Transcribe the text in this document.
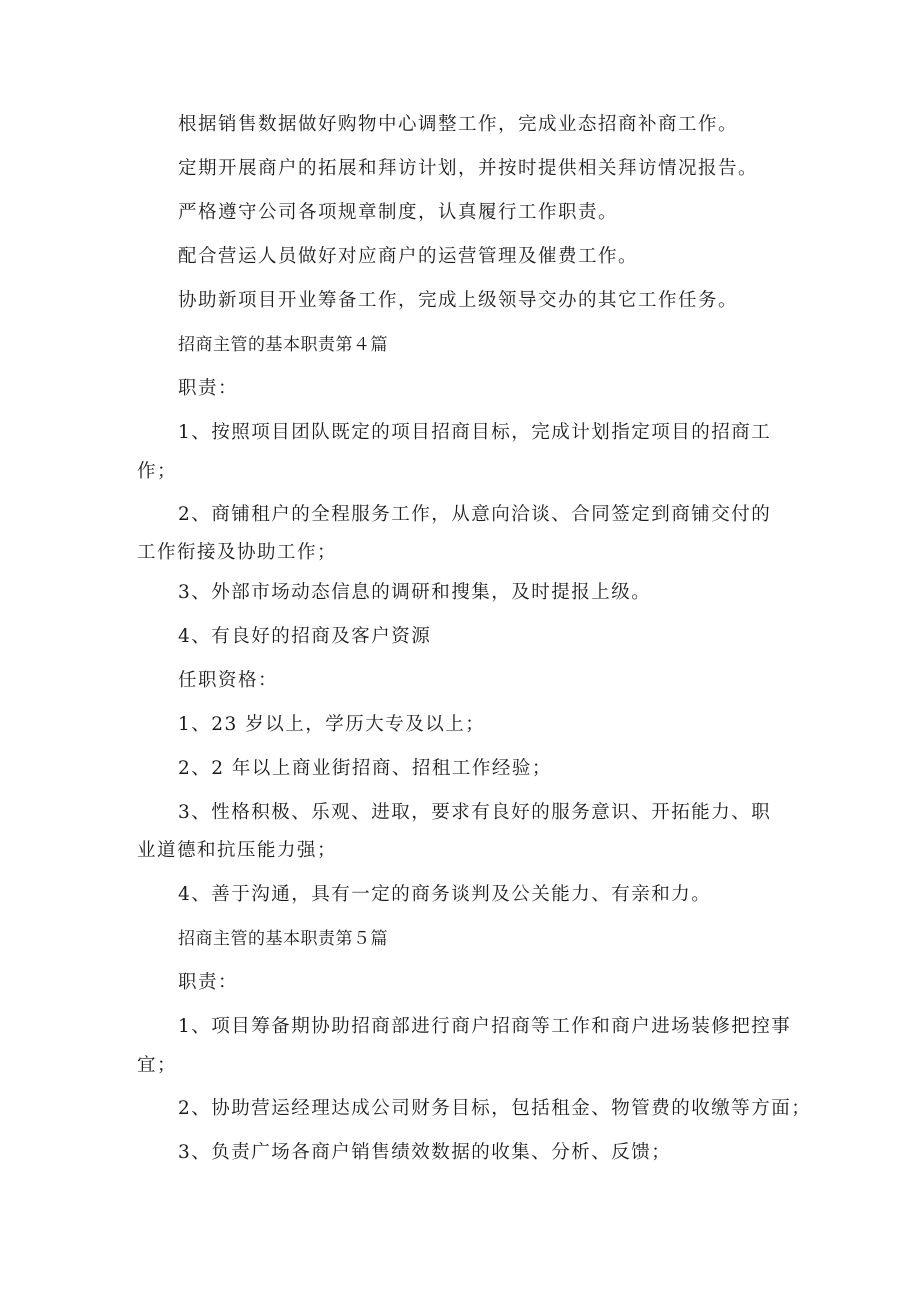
根据销售数据做好购物中心调整工作，完成业态招商补商工作。
定期开展商户的拓展和拜访计划，并按时提供相关拜访情况报告。
严格遵守公司各项规章制度，认真履行工作职责。
配合营运人员做好对应商户的运营管理及催费工作。
协助新项目开业筹备工作，完成上级领导交办的其它工作任务。
招商主管的基本职责第４篇
职责：
1、按照项目团队既定的项目招商目标，完成计划指定项目的招商工
作；
2、商铺租户的全程服务工作，从意向洽谈、合同签定到商铺交付的
工作衔接及协助工作；
3、外部市场动态信息的调研和搜集，及时提报上级。
4、有良好的招商及客户资源
任职资格：
1、23 岁以上，学历大专及以上；
2、2 年以上商业街招商、招租工作经验；
3、性格积极、乐观、进取，要求有良好的服务意识、开拓能力、职
业道德和抗压能力强；
4、善于沟通，具有一定的商务谈判及公关能力、有亲和力。
招商主管的基本职责第５篇
职责：
1、项目筹备期协助招商部进行商户招商等工作和商户进场装修把控事
宜；
2、协助营运经理达成公司财务目标，包括租金、物管费的收缴等方面；
3、负责广场各商户销售绩效数据的收集、分析、反馈；
